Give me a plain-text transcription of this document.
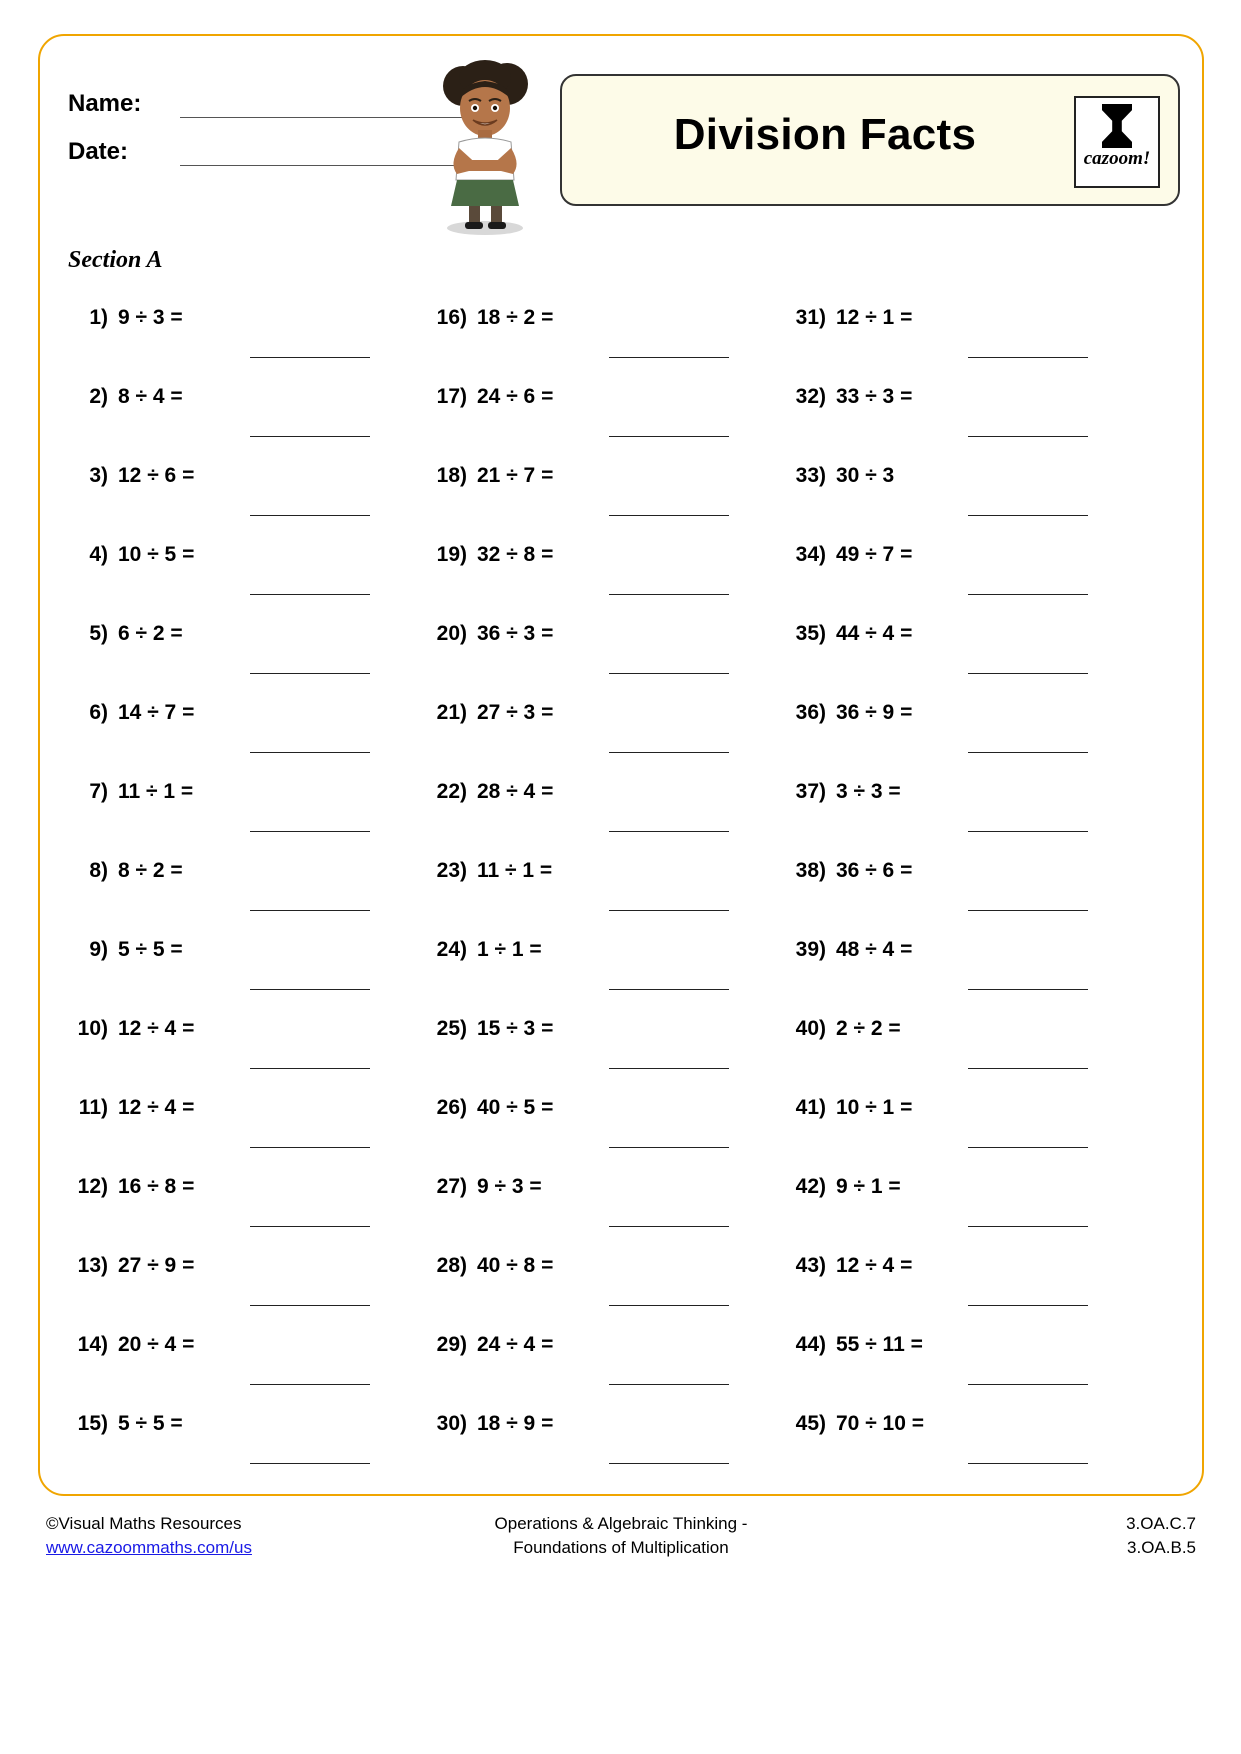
Name:
Date:	Division Facts	cazoom!
Section A
1) 9 ÷ 3 =
2) 8 ÷ 4 =
3) 12 ÷ 6 =
4) 10 ÷ 5 =
5) 6 ÷ 2 =
6) 14 ÷ 7 =
7) 11 ÷ 1 =
8) 8 ÷ 2 =
9) 5 ÷ 5 =
10) 12 ÷ 4 =
11) 12 ÷ 4 =
12) 16 ÷ 8 =
13) 27 ÷ 9 =
14) 20 ÷ 4 =
15) 5 ÷ 5 =
16) 18 ÷ 2 =
17) 24 ÷ 6 =
18) 21 ÷ 7 =
19) 32 ÷ 8 =
20) 36 ÷ 3 =
21) 27 ÷ 3 =
22) 28 ÷ 4 =
23) 11 ÷ 1 =
24) 1 ÷ 1 =
25) 15 ÷ 3 =
26) 40 ÷ 5 =
27) 9 ÷ 3 =
28) 40 ÷ 8 =
29) 24 ÷ 4 =
30) 18 ÷ 9 =
31) 12 ÷ 1 =
32) 33 ÷ 3 =
33) 30 ÷ 3
34) 49 ÷ 7 =
35) 44 ÷ 4 =
36) 36 ÷ 9 =
37) 3 ÷ 3 =
38) 36 ÷ 6 =
39) 48 ÷ 4 =
40) 2 ÷ 2 =
41) 10 ÷ 1 =
42) 9 ÷ 1 =
43) 12 ÷ 4 =
44) 55 ÷ 11 =
45) 70 ÷ 10 =
©Visual Maths Resources
www.cazoommaths.com/us
Operations & Algebraic Thinking -
Foundations of Multiplication
3.OA.C.7
3.OA.B.5
